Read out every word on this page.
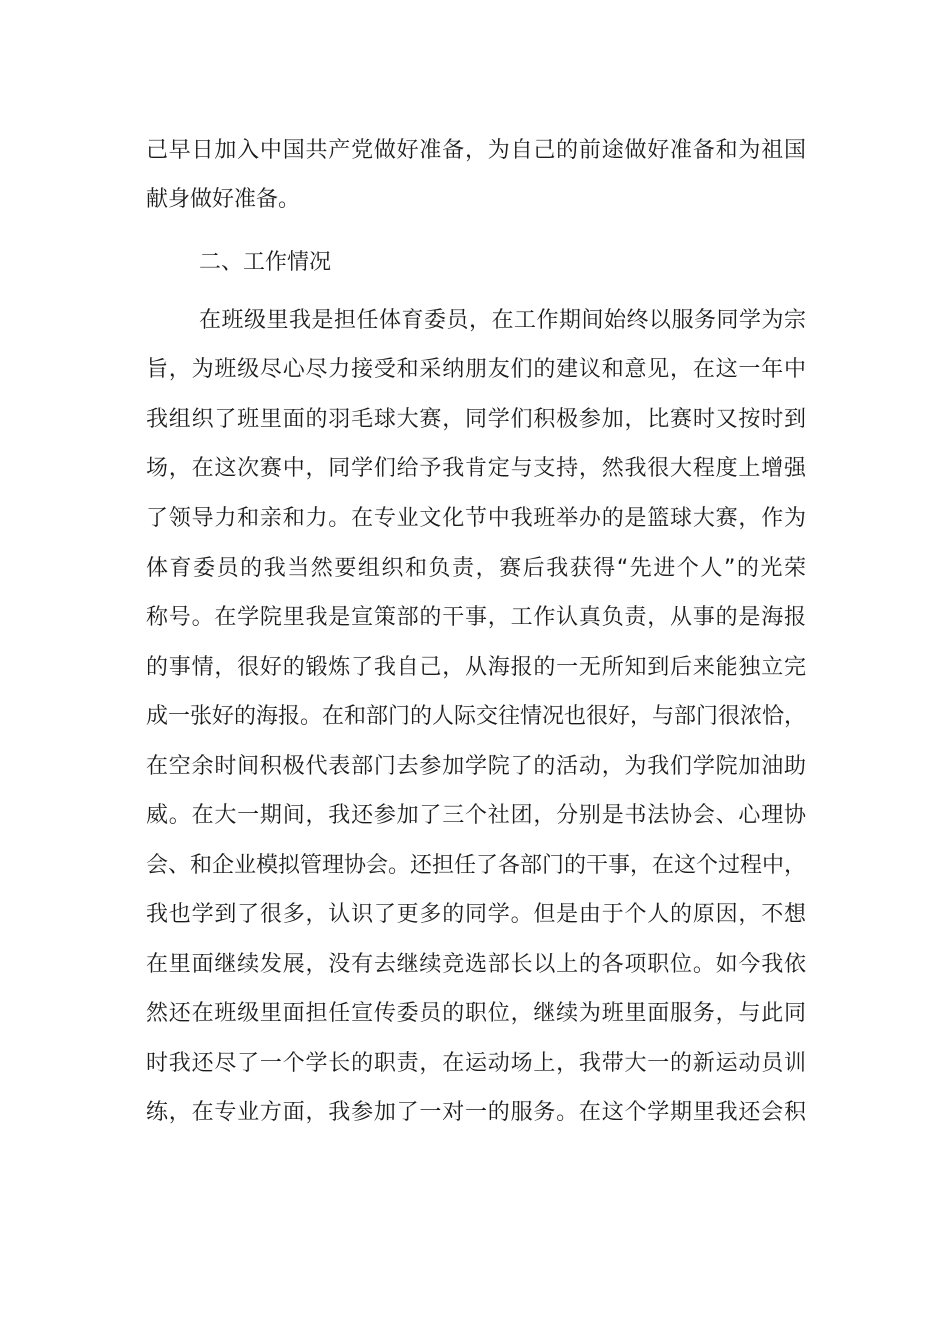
己早日加入中国共产党做好准备，为自己的前途做好准备和为祖国
献身做好准备。
二、工作情况
在班级里我是担任体育委员，在工作期间始终以服务同学为宗
旨，为班级尽心尽力接受和采纳朋友们的建议和意见，在这一年中
我组织了班里面的羽毛球大赛，同学们积极参加，比赛时又按时到
场，在这次赛中，同学们给予我肯定与支持，然我很大程度上增强
了领导力和亲和力。在专业文化节中我班举办的是篮球大赛，作为
体育委员的我当然要组织和负责，赛后我获得“先进个人”的光荣
称号。在学院里我是宣策部的干事，工作认真负责，从事的是海报
的事情，很好的锻炼了我自己，从海报的一无所知到后来能独立完
成一张好的海报。在和部门的人际交往情况也很好，与部门很浓恰，
在空余时间积极代表部门去参加学院了的活动，为我们学院加油助
威。在大一期间，我还参加了三个社团，分别是书法协会、心理协
会、和企业模拟管理协会。还担任了各部门的干事，在这个过程中，
我也学到了很多，认识了更多的同学。但是由于个人的原因，不想
在里面继续发展，没有去继续竞选部长以上的各项职位。如今我依
然还在班级里面担任宣传委员的职位，继续为班里面服务，与此同
时我还尽了一个学长的职责，在运动场上，我带大一的新运动员训
练，在专业方面，我参加了一对一的服务。在这个学期里我还会积
